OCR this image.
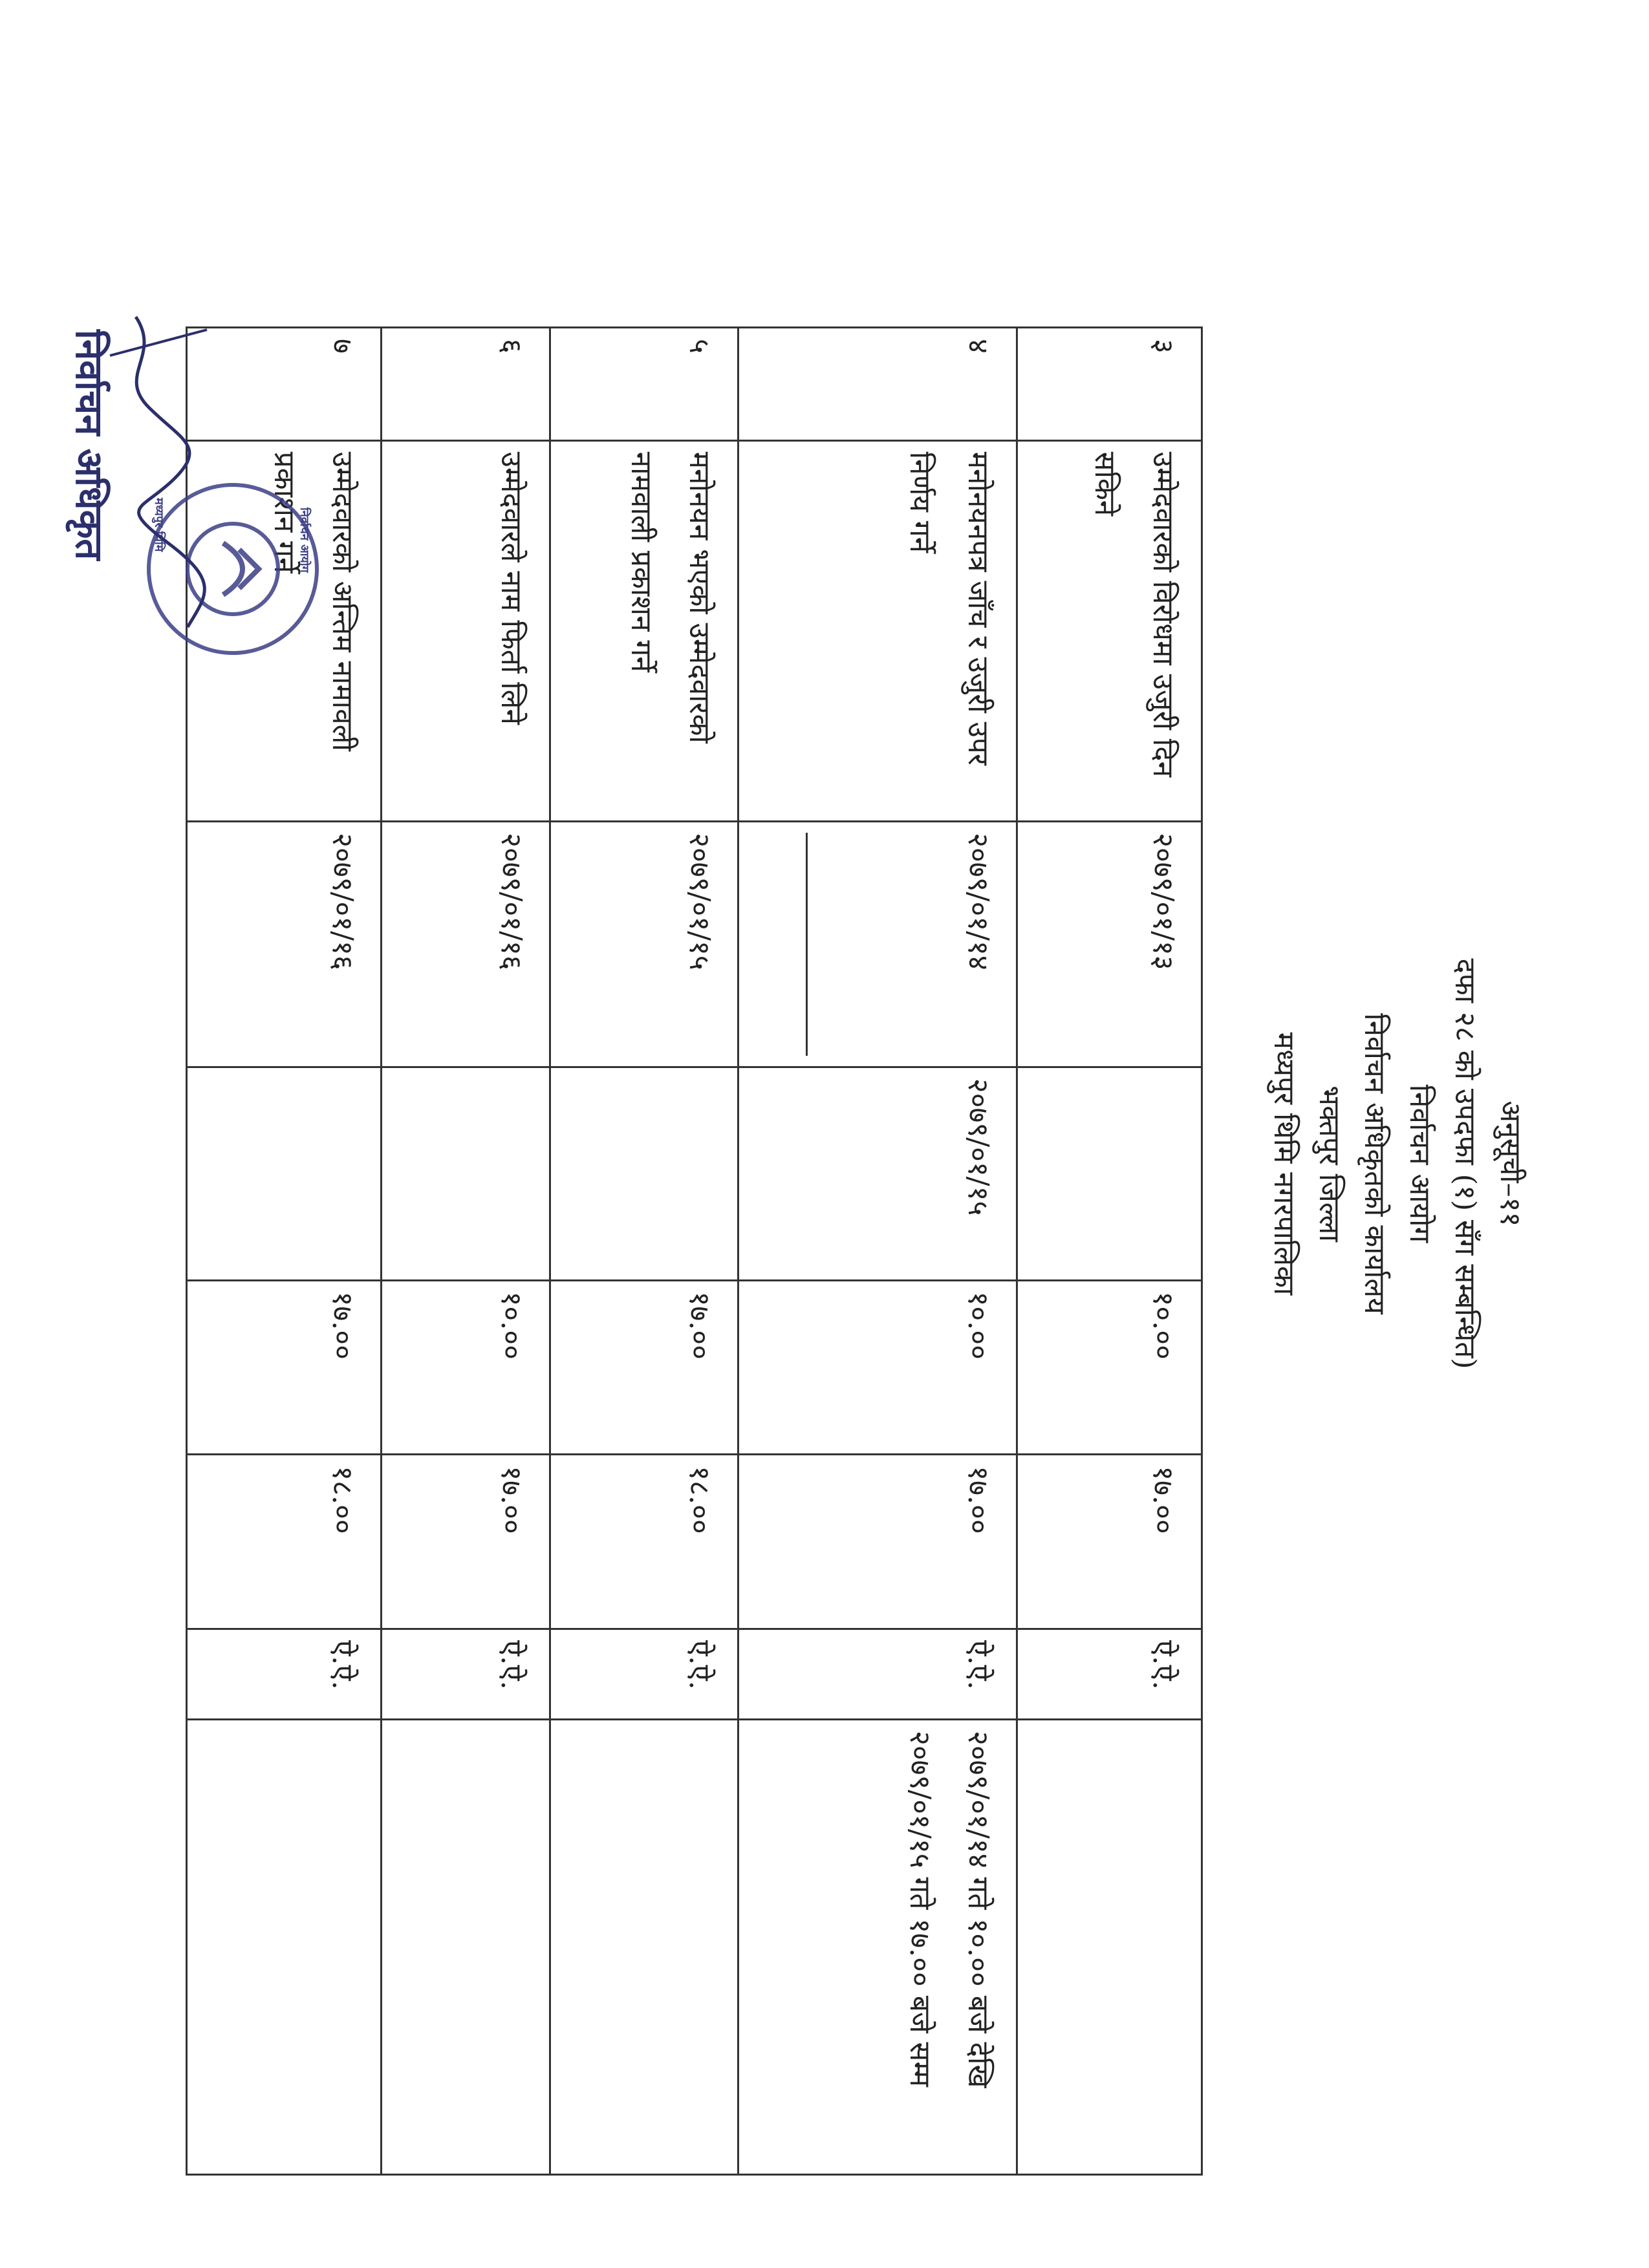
अनुसूची–११
दफा २८ को उपदफा (१) सँग सम्बन्धित)
निर्वाचन आयोग
निर्वाचन अधिकृतको कार्यालय
भक्तपुर जिल्ला
मध्यपुर थिमि नगरपालिका
३	उम्मेदवारको विरोधमा उजुरी दिन सकिने	२०७९/०१/१३		१०.००	१७.००	ऐ.ऐ.	
४	मनोनयनपत्र जाँच र उजुरी उपर निर्णय गर्ने	२०७९/०१/१४	२०७९/०१/१५	१०.००	१७.००	ऐ.ऐ.	२०७९/०१/१४ गते १०.०० बजे देखि २०७९/०१/१५ गते १७.०० बजे सम्म
५	मनोनयन भएको उम्मेदवारको नामवाली प्रकाशन गर्ने	२०७९/०१/१५		१७.००	१८.००	ऐ.ऐ.	
६	उम्मेदवारले नाम फिर्ता लिने	२०७९/०१/१६		१०.००	१७.००	ऐ.ऐ.	
७	उम्मेदवारको अन्तिम नामावली प्रकाशन गर्ने	२०७९/०१/१६		१७.००	१८.००	ऐ.ऐ.	
निर्वाचन आयोग
मध्यपुर थिमि
निर्वाचन अधिकृत
